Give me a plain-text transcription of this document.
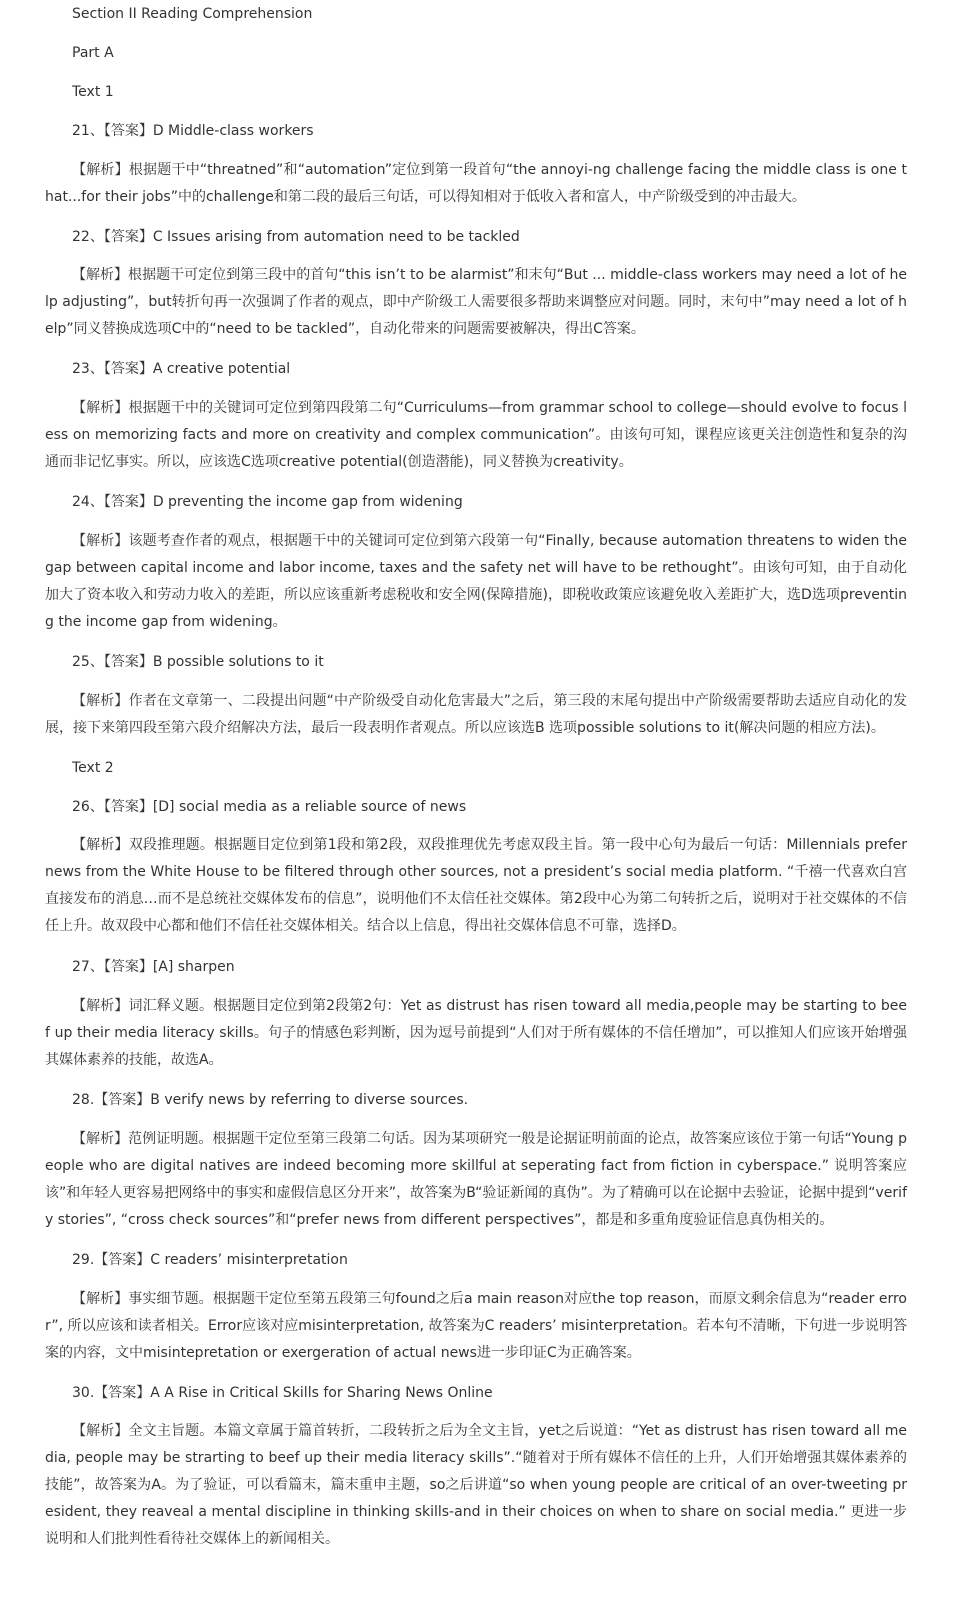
Section II Reading Comprehension
Part A
Text 1
21、【答案】D Middle-class workers
【解析】根据题干中“threatned”和“automation”定位到第一段首句“the annoyi-ng challenge facing the middle class is one that...for their jobs”中的challenge和第二段的最后三句话，可以得知相对于低收入者和富人，中产阶级受到的冲击最大。
22、【答案】C Issues arising from automation need to be tackled
【解析】根据题干可定位到第三段中的首句“this isn’t to be alarmist”和末句“But ... middle-class workers may need a lot of help adjusting”，but转折句再一次强调了作者的观点，即中产阶级工人需要很多帮助来调整应对问题。同时，末句中”may need a lot of help”同义替换成选项C中的“need to be tackled”，自动化带来的问题需要被解决，得出C答案。
23、【答案】A creative potential
【解析】根据题干中的关键词可定位到第四段第二句“Curriculums—from grammar school to college—should evolve to focus less on memorizing facts and more on creativity and complex communication”。由该句可知，课程应该更关注创造性和复杂的沟通而非记忆事实。所以，应该选C选项creative potential(创造潜能)，同义替换为creativity。
24、【答案】D preventing the income gap from widening
【解析】该题考查作者的观点，根据题干中的关键词可定位到第六段第一句“Finally, because automation threatens to widen the gap between capital income and labor income, taxes and the safety net will have to be rethought”。由该句可知，由于自动化加大了资本收入和劳动力收入的差距，所以应该重新考虑税收和安全网(保障措施)，即税收政策应该避免收入差距扩大，选D选项preventing the income gap from widening。
25、【答案】B possible solutions to it
【解析】作者在文章第一、二段提出问题“中产阶级受自动化危害最大”之后，第三段的末尾句提出中产阶级需要帮助去适应自动化的发展，接下来第四段至第六段介绍解决方法，最后一段表明作者观点。所以应该选B 选项possible solutions to it(解决问题的相应方法)。
Text 2
26、【答案】[D] social media as a reliable source of news
【解析】双段推理题。根据题目定位到第1段和第2段，双段推理优先考虑双段主旨。第一段中心句为最后一句话：Millennials prefer news from the White House to be filtered through other sources, not a president’s social media platform. “千禧一代喜欢白宫直接发布的消息…而不是总统社交媒体发布的信息”，说明他们不太信任社交媒体。第2段中心为第二句转折之后，说明对于社交媒体的不信任上升。故双段中心都和他们不信任社交媒体相关。结合以上信息，得出社交媒体信息不可靠，选择D。
27、【答案】[A] sharpen
【解析】词汇释义题。根据题目定位到第2段第2句：Yet as distrust has risen toward all media,people may be starting to beef up their media literacy skills。句子的情感色彩判断，因为逗号前提到“人们对于所有媒体的不信任增加”，可以推知人们应该开始增强其媒体素养的技能，故选A。
28.【答案】B verify news by referring to diverse sources.
【解析】范例证明题。根据题干定位至第三段第二句话。因为某项研究一般是论据证明前面的论点，故答案应该位于第一句话“Young people who are digital natives are indeed becoming more skillful at seperating fact from fiction in cyberspace.” 说明答案应该”和年轻人更容易把网络中的事实和虚假信息区分开来”，故答案为B“验证新闻的真伪”。为了精确可以在论据中去验证，论据中提到“verify stories”, “cross check sources”和“prefer news from different perspectives”，都是和多重角度验证信息真伪相关的。
29.【答案】C readers’ misinterpretation
【解析】事实细节题。根据题干定位至第五段第三句found之后a main reason对应the top reason，而原文剩余信息为“reader error”, 所以应该和读者相关。Error应该对应misinterpretation, 故答案为C readers’ misinterpretation。若本句不清晰，下句进一步说明答案的内容，文中misintepretation or exergeration of actual news进一步印证C为正确答案。
30.【答案】A A Rise in Critical Skills for Sharing News Online
【解析】全文主旨题。本篇文章属于篇首转折，二段转折之后为全文主旨，yet之后说道：“Yet as distrust has risen toward all media, people may be strarting to beef up their media literacy skills”.“随着对于所有媒体不信任的上升，人们开始增强其媒体素养的技能”，故答案为A。为了验证，可以看篇末，篇末重申主题，so之后讲道“so when young people are critical of an over-tweeting president, they reaveal a mental discipline in thinking skills-and in their choices on when to share on social media.” 更进一步说明和人们批判性看待社交媒体上的新闻相关。
